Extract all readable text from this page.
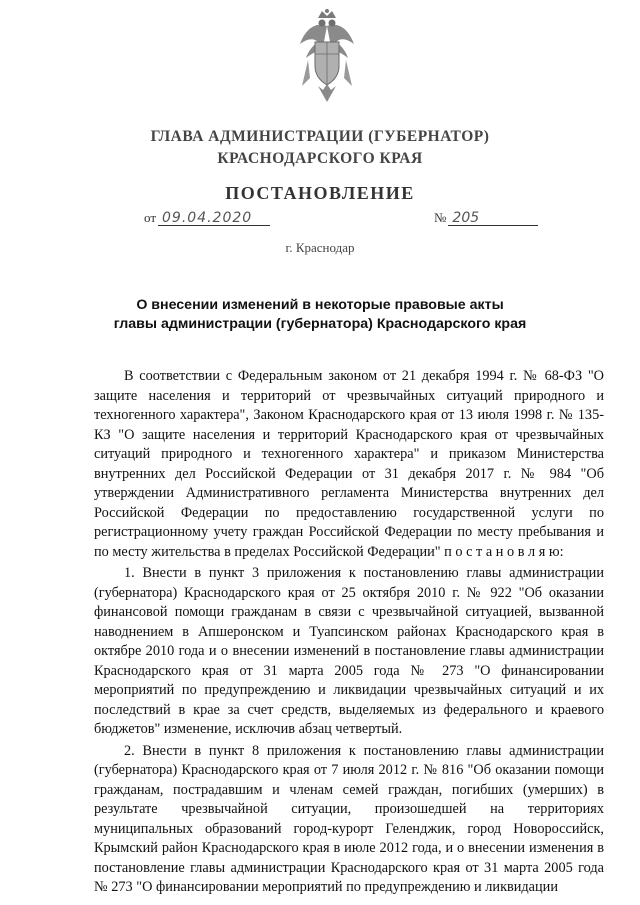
ГЛАВА АДМИНИСТРАЦИИ (ГУБЕРНАТОР)
КРАСНОДАРСКОГО КРАЯ
ПОСТАНОВЛЕНИЕ
от 09.04.2020	№ 205
г. Краснодар
О внесении изменений в некоторые правовые акты
главы администрации (губернатора) Краснодарского края

В соответствии с Федеральным законом от 21 декабря 1994 г. № 68-ФЗ "О защите населения и территорий от чрезвычайных ситуаций природного и техногенного характера", Законом Краснодарского края от 13 июля 1998 г. № 135-КЗ "О защите населения и территорий Краснодарского края от чрезвычайных ситуаций природного и техногенного характера" и приказом Министерства внутренних дел Российской Федерации от 31 декабря 2017 г. № 984 "Об утверждении Административного регламента Министерства внутренних дел Российской Федерации по предоставлению государственной услуги по регистрационному учету граждан Российской Федерации по месту пребывания и по месту жительства в пределах Российской Федерации" п о с т а н о в л я ю:

1. Внести в пункт 3 приложения к постановлению главы администрации (губернатора) Краснодарского края от 25 октября 2010 г. № 922 "Об оказании финансовой помощи гражданам в связи с чрезвычайной ситуацией, вызванной наводнением в Апшеронском и Туапсинском районах Краснодарского края в октябре 2010 года и о внесении изменений в постановление главы администрации Краснодарского края от 31 марта 2005 года № 273 "О финансировании мероприятий по предупреждению и ликвидации чрезвычайных ситуаций и их последствий в крае за счет средств, выделяемых из федерального и краевого бюджетов" изменение, исключив абзац четвертый.

2. Внести в пункт 8 приложения к постановлению главы администрации (губернатора) Краснодарского края от 7 июля 2012 г. № 816 "Об оказании помощи гражданам, пострадавшим и членам семей граждан, погибших (умерших) в результате чрезвычайной ситуации, произошедшей на территориях муниципальных образований город-курорт Геленджик, город Новороссийск, Крымский район Краснодарского края в июле 2012 года, и о внесении изменения в постановление главы администрации Краснодарского края от 31 марта 2005 года № 273 "О финансировании мероприятий по предупреждению и ликвидации
